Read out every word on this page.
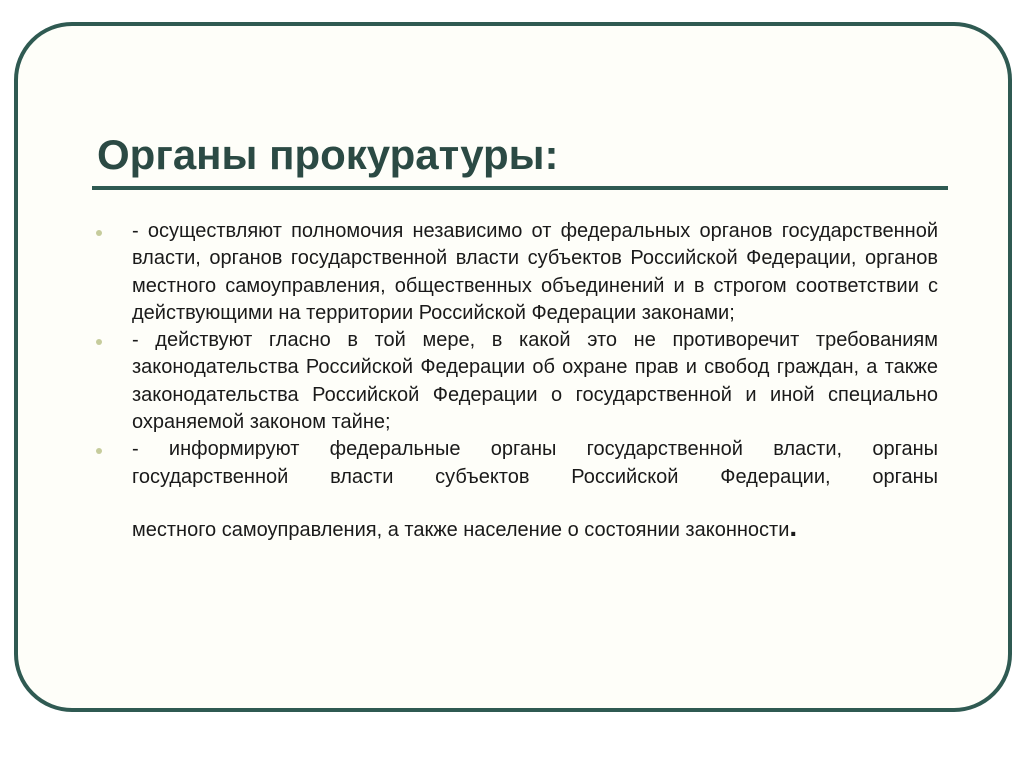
Органы прокуратуры:
- осуществляют полномочия независимо от федеральных органов государственной власти, органов государственной власти субъектов Российской Федерации, органов местного самоуправления, общественных объединений и в строгом соответствии с действующими на территории Российской Федерации законами;
- действуют гласно в той мере, в какой это не противоречит требованиям законодательства Российской Федерации об охране прав и свобод граждан, а также законодательства Российской Федерации о государственной и иной специально охраняемой законом тайне;
- информируют федеральные органы государственной власти, органы государственной власти субъектов Российской Федерации, органы
местного самоуправления, а также население о состоянии законности.
